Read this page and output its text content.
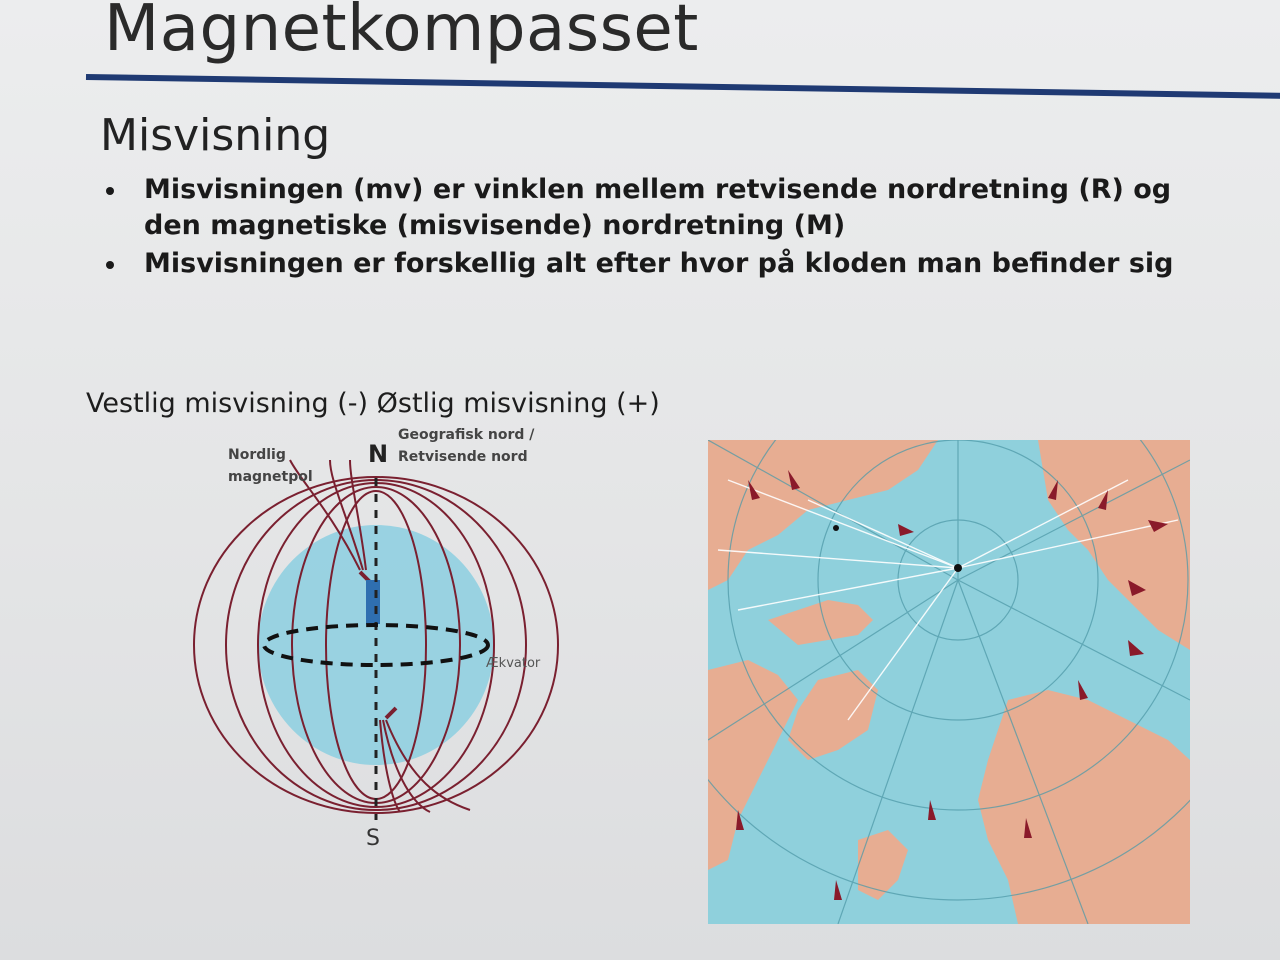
Magnetkompasset
Misvisning
Misvisningen (mv) er vinklen mellem retvisende nordretning (R) og den magnetiske (misvisende) nordretning (M)
Misvisningen er forskellig alt efter hvor på kloden man befinder sig
Vestlig misvisning (-) Østlig misvisning (+)
Nordlig
magnetpol
N
Geografisk nord /
Retvisende nord
Ækvator
S
